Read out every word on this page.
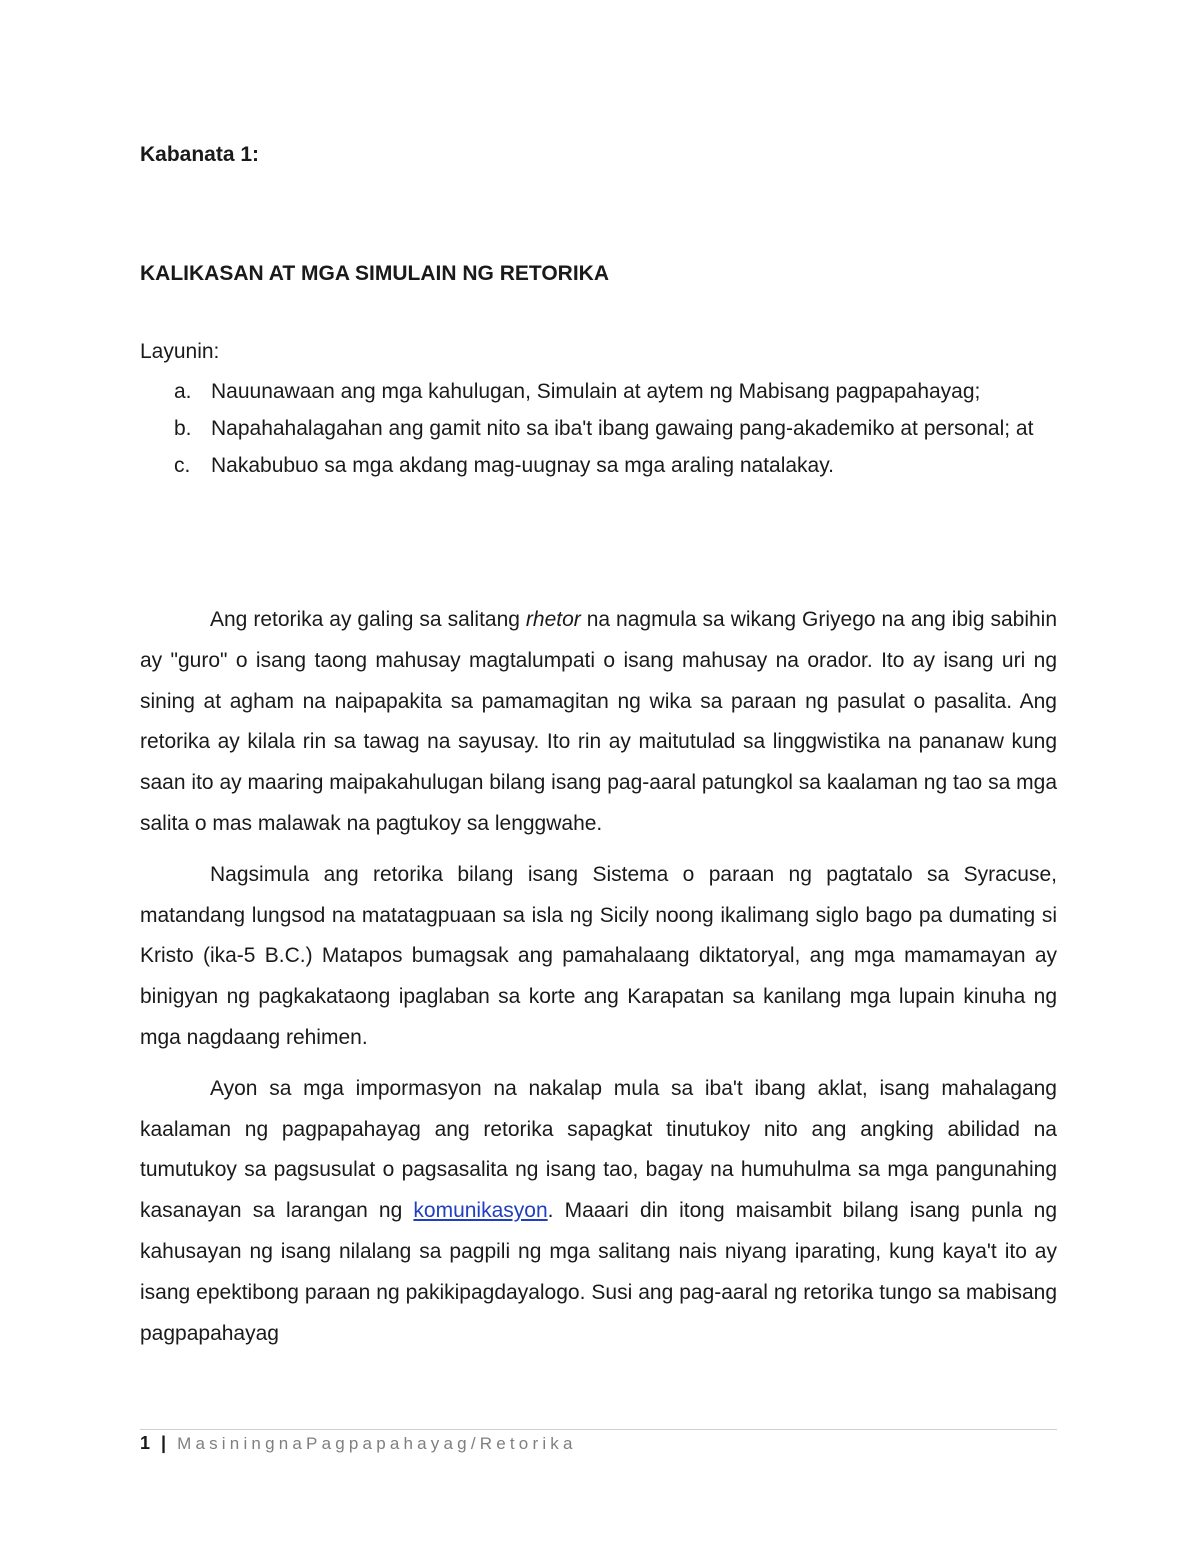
Kabanata 1:
KALIKASAN AT MGA SIMULAIN NG RETORIKA
Layunin:
a. Nauunawaan ang mga kahulugan, Simulain at aytem ng Mabisang pagpapahayag;
b. Napahahalagahan ang gamit nito sa iba't ibang gawaing pang-akademiko at personal; at
c. Nakabubuo sa mga akdang mag-uugnay sa mga araling natalakay.

Ang retorika ay galing sa salitang rhetor na nagmula sa wikang Griyego na ang ibig sabihin ay "guro" o isang taong mahusay magtalumpati o isang mahusay na orador. Ito ay isang uri ng sining at agham na naipapakita sa pamamagitan ng wika sa paraan ng pasulat o pasalita. Ang retorika ay kilala rin sa tawag na sayusay. Ito rin ay maitutulad sa linggwistika na pananaw kung saan ito ay maaring maipakahulugan bilang isang pag-aaral patungkol sa kaalaman ng tao sa mga salita o mas malawak na pagtukoy sa lenggwahe.

Nagsimula ang retorika bilang isang Sistema o paraan ng pagtatalo sa Syracuse, matandang lungsod na matatagpuaan sa isla ng Sicily noong ikalimang siglo bago pa dumating si Kristo (ika-5 B.C.) Matapos bumagsak ang pamahalaang diktatoryal, ang mga mamamayan ay binigyan ng pagkakataong ipaglaban sa korte ang Karapatan sa kanilang mga lupain kinuha ng mga nagdaang rehimen.

Ayon sa mga impormasyon na nakalap mula sa iba't ibang aklat, isang mahalagang kaalaman ng pagpapahayag ang retorika sapagkat tinutukoy nito ang angking abilidad na tumutukoy sa pagsusulat o pagsasalita ng isang tao, bagay na humuhulma sa mga pangunahing kasanayan sa larangan ng komunikasyon. Maaari din itong maisambit bilang isang punla ng kahusayan ng isang nilalang sa pagpili ng mga salitang nais niyang iparating, kung kaya't ito ay isang epektibong paraan ng pakikipagdayalogo. Susi ang pag-aaral ng retorika tungo sa mabisang pagpapahayag

1 | MasiningnaPagpapahayag/Retorika
